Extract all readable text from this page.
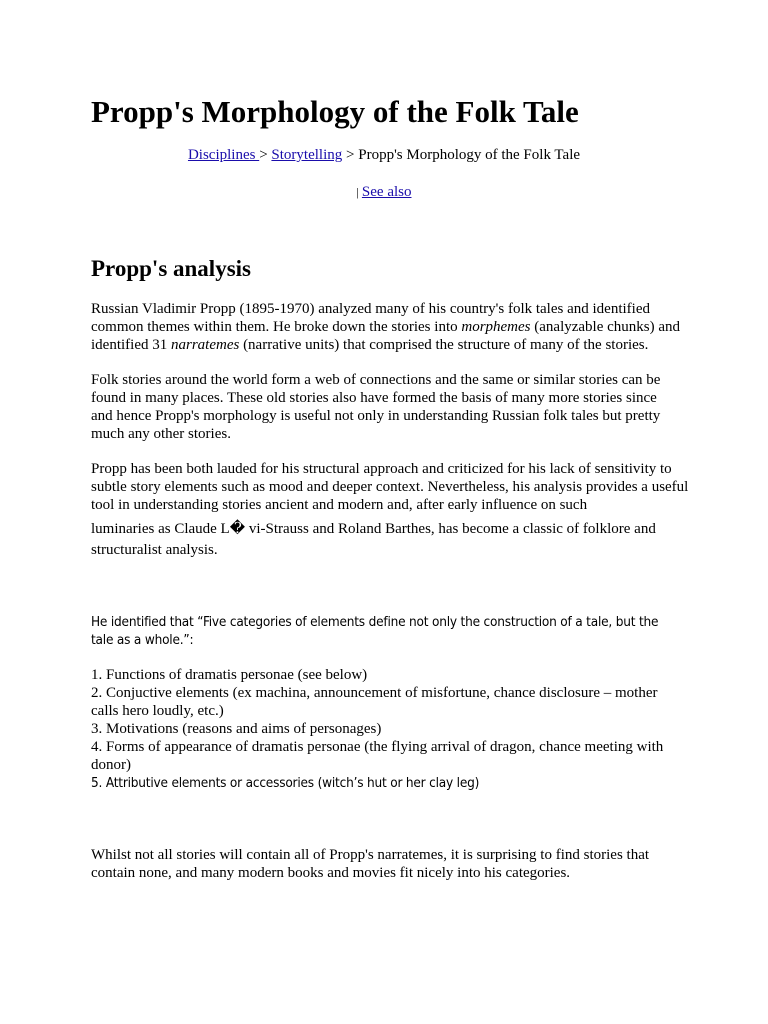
Propp's Morphology of the Folk Tale
Disciplines > Storytelling > Propp's Morphology of the Folk Tale
| See also
Propp's analysis

Russian Vladimir Propp (1895-1970) analyzed many of his country's folk tales and identified common themes within them. He broke down the stories into morphemes (analyzable chunks) and identified 31 narratemes (narrative units) that comprised the structure of many of the stories.

Folk stories around the world form a web of connections and the same or similar stories can be found in many places. These old stories also have formed the basis of many more stories since and hence Propp's morphology is useful not only in understanding Russian folk tales but pretty much any other stories.

Propp has been both lauded for his structural approach and criticized for his lack of sensitivity to subtle story elements such as mood and deeper context. Nevertheless, his analysis provides a useful tool in understanding stories ancient and modern and, after early influence on such

luminaries as Claude L� vi-Strauss and Roland Barthes, has become a classic of folklore and

structuralist analysis.

He identified that “Five categories of elements define not only the construction of a tale, but the tale as a whole.”:

1. Functions of dramatis personae (see below)
2. Conjuctive elements (ex machina, announcement of misfortune, chance disclosure – mother calls hero loudly, etc.)
3. Motivations (reasons and aims of personages)
4. Forms of appearance of dramatis personae (the flying arrival of dragon, chance meeting with donor)
5. Attributive elements or accessories (witch’s hut or her clay leg)

Whilst not all stories will contain all of Propp's narratemes, it is surprising to find stories that contain none, and many modern books and movies fit nicely into his categories.
